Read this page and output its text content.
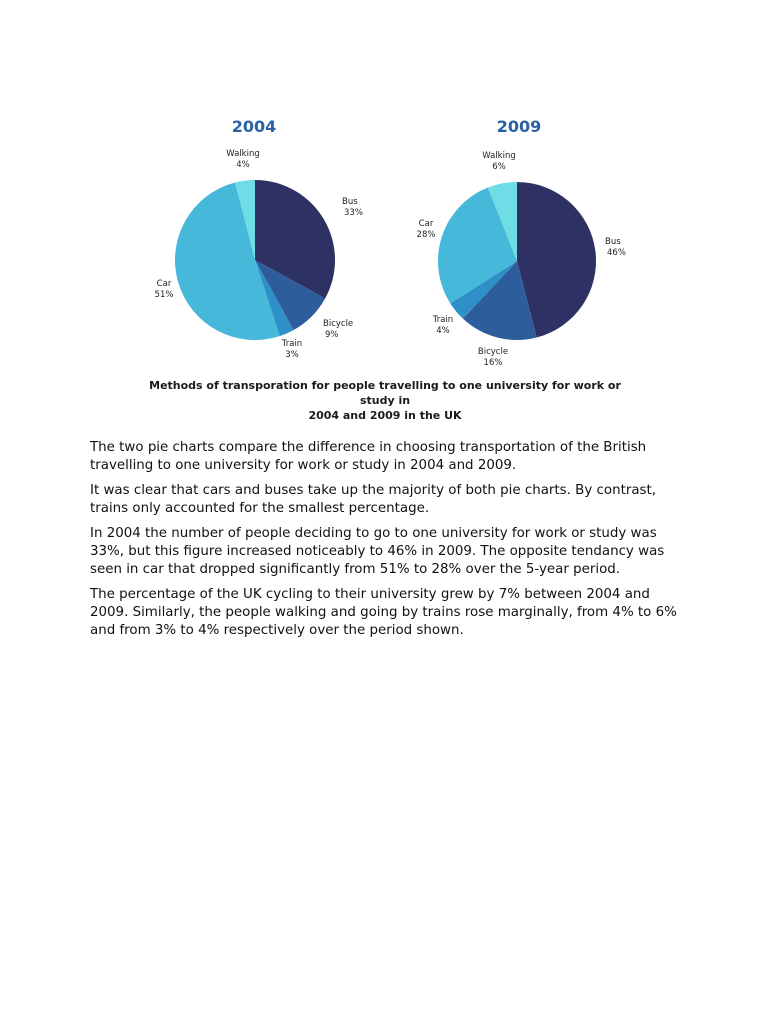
2004
Bus
33%
Bicycle
9%
Train
3%
Car
51%
Walking
4%
2009
Bus
46%
Bicycle
16%
Train
4%
Car
28%
Walking
6%
Methods of transporation for people travelling to one university for work or study in
2004 and 2009 in the UK

The two pie charts compare the difference in choosing transportation of the British travelling to one university for work or study in 2004 and 2009.

It was clear that cars and buses take up the majority of both pie charts. By contrast, trains only accounted for the smallest percentage.

In 2004 the number of people deciding to go to one university for work or study was 33%, but this figure increased noticeably to 46% in 2009. The opposite tendancy was seen in car that dropped significantly from 51% to 28% over the 5-year period.

The percentage of the UK cycling to their university grew by 7% between 2004 and 2009. Similarly, the people walking and going by trains rose marginally, from 4% to 6% and from 3% to 4% respectively over the period shown.
